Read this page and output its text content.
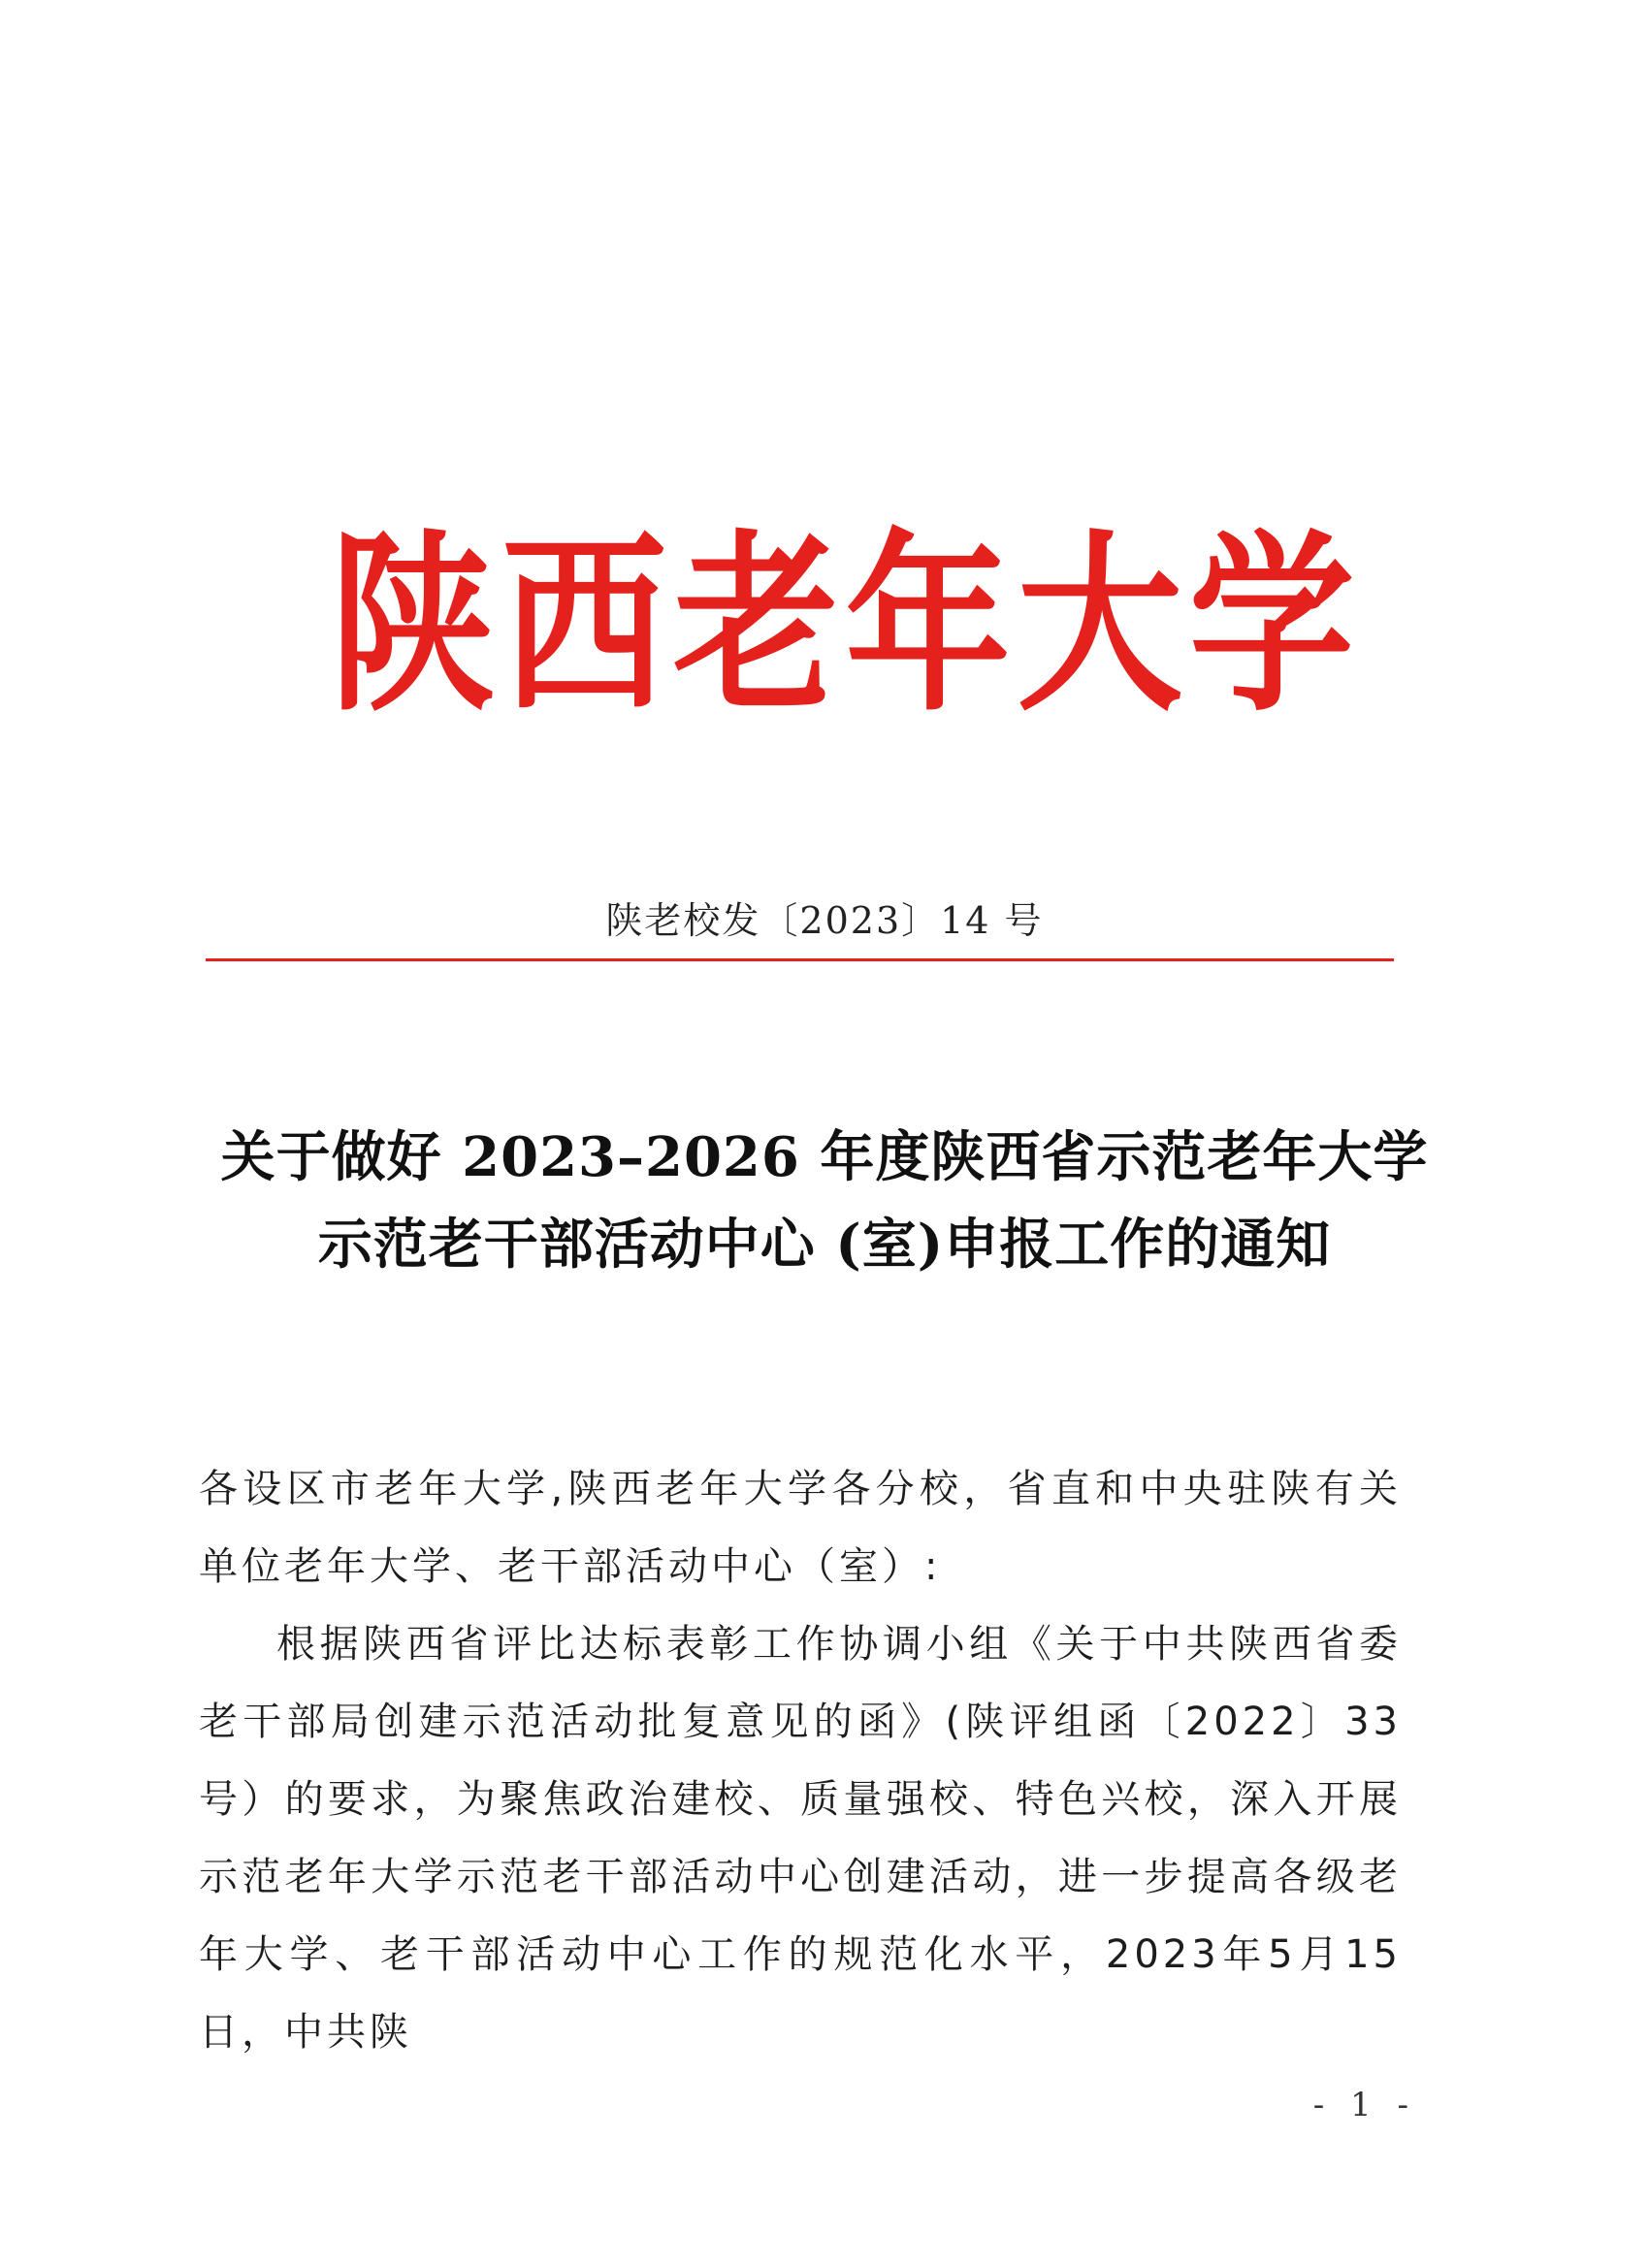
陕西老年大学
陕老校发〔2023〕14 号
关于做好 2023–2026 年度陕西省示范老年大学
示范老干部活动中心 (室)申报工作的通知

各设区市老年大学,陕西老年大学各分校，省直和中央驻陕有关单位老年大学、老干部活动中心（室）:

根据陕西省评比达标表彰工作协调小组《关于中共陕西省委老干部局创建示范活动批复意见的函》(陕评组函〔2022〕33号）的要求，为聚焦政治建校、质量强校、特色兴校，深入开展示范老年大学示范老干部活动中心创建活动，进一步提高各级老年大学、老干部活动中心工作的规范化水平，2023年5月15日，中共陕

- 1 -
